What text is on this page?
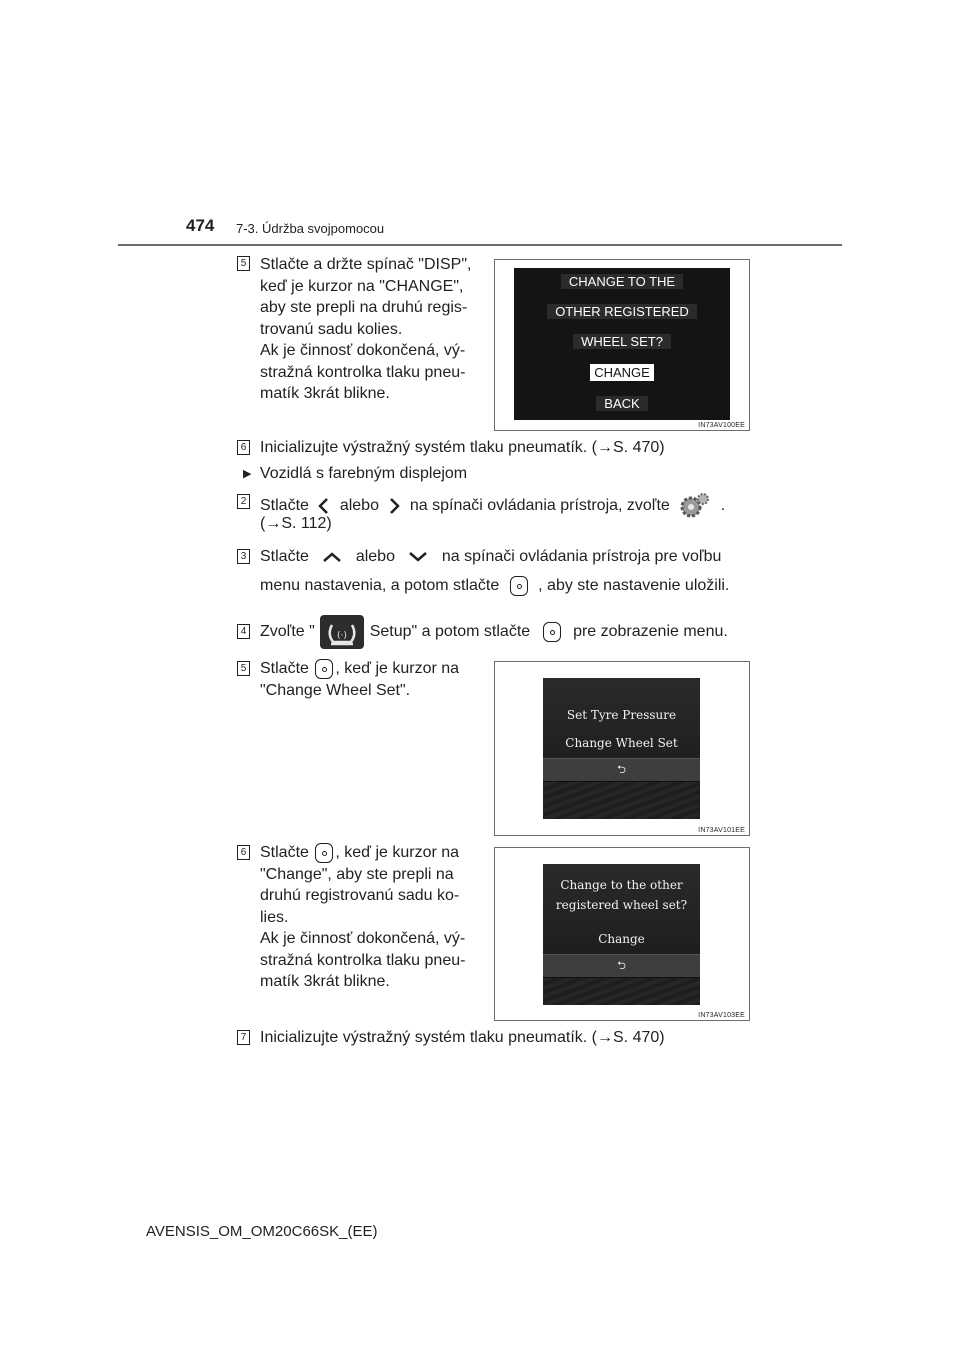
474 7-3. Údržba svojpomocou
5 Stlačte a držte spínač "DISP",
keď je kurzor na "CHANGE",
aby ste prepli na druhú regis-
trovanú sadu kolies.
Ak je činnosť dokončená, vý-
stražná kontrolka tlaku pneu-
matík 3krát blikne.
CHANGE TO THE
OTHER REGISTERED
WHEEL SET?
CHANGE
BACK
IN73AV100EE
6 Inicializujte výstražný systém tlaku pneumatík. (→S. 470)
▶ Vozidlá s farebným displejom
2 Stlačte alebo na spínači ovládania prístroja, zvoľte	.
(→S. 112)
3 Stlačte	alebo	na spínači ovládania prístroja pre voľbu
menu nastavenia, a potom stlačte , aby ste nastavenie uložili.
4 Zvoľte "	(·) Setup" a potom stlačte	pre zobrazenie menu.
5 Stlačte , keď je kurzor na
"Change Wheel Set".
Set Tyre Pressure
Change Wheel Set
⮌
IN73AV101EE
6 Stlačte , keď je kurzor na
"Change", aby ste prepli na
druhú registrovanú sadu ko-
lies.
Ak je činnosť dokončená, vý-
stražná kontrolka tlaku pneu-
matík 3krát blikne.
Change to the other
registered wheel set?
Change
⮌
IN73AV103EE
7 Inicializujte výstražný systém tlaku pneumatík. (→S. 470)
AVENSIS_OM_OM20C66SK_(EE)
